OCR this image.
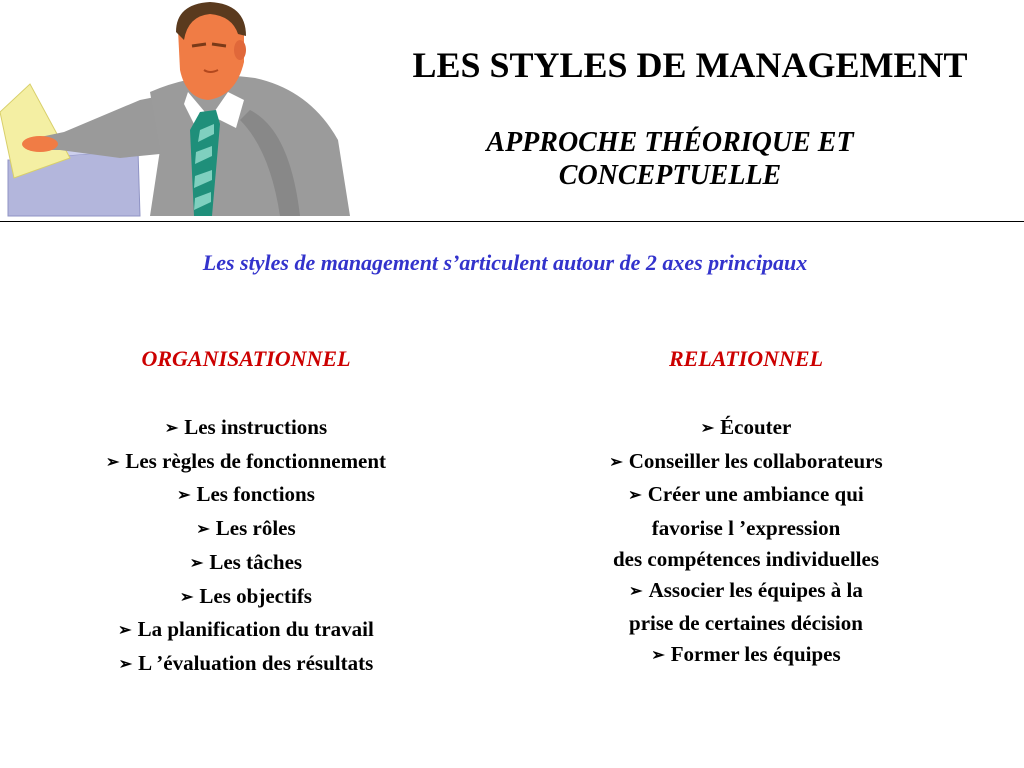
LES STYLES DE MANAGEMENT
APPROCHE THÉORIQUE ET
CONCEPTUELLE

Les styles de management s’articulent autour de 2 axes principaux

ORGANISATIONNEL
➢ Les instructions
➢ Les règles de fonctionnement
➢ Les fonctions
➢ Les rôles
➢ Les tâches
➢ Les objectifs
➢ La planification du travail
➢ L ’évaluation des résultats
RELATIONNEL
➢ Écouter
➢ Conseiller les collaborateurs
➢ Créer une ambiance qui
favorise l ’expression
des compétences individuelles
➢ Associer les équipes à la
prise de certaines décision
➢ Former les équipes
